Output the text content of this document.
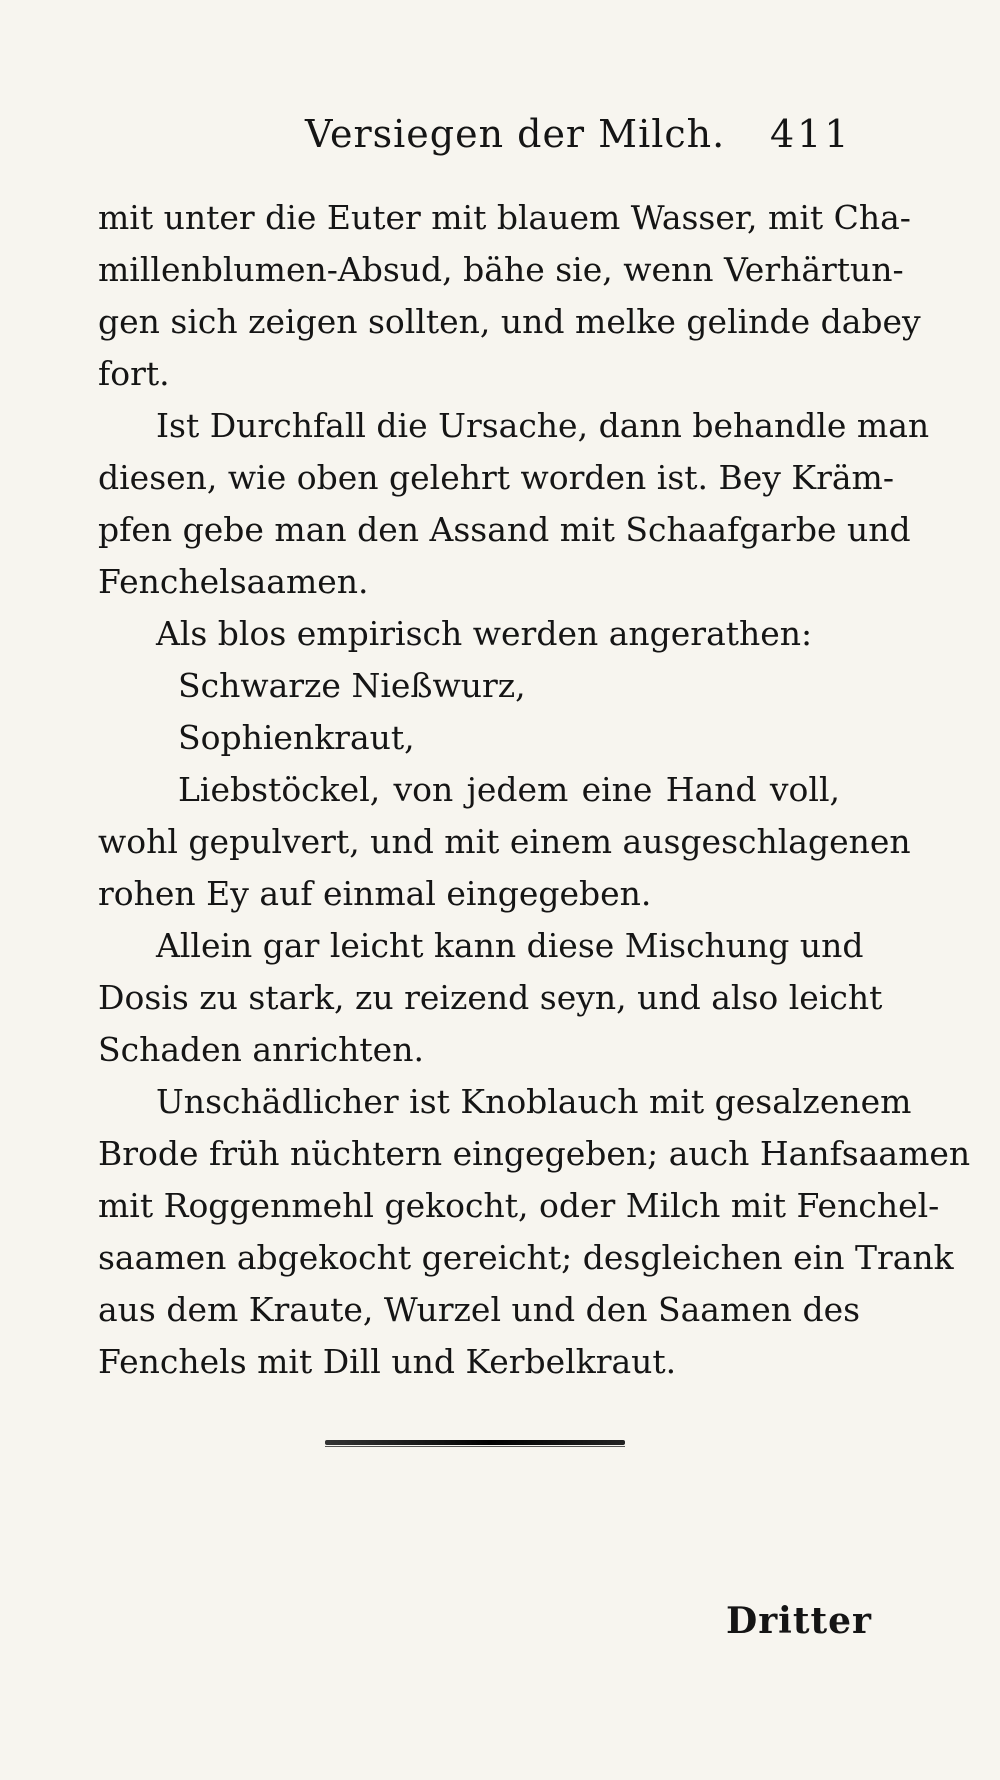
Versiegen der Milch. 411
mit unter die Euter mit blauem Wasser, mit Cha-
millenblumen-Absud, bähe sie, wenn Verhärtun-
gen sich zeigen sollten, und melke gelinde dabey
fort.
Ist Durchfall die Ursache, dann behandle man
diesen, wie oben gelehrt worden ist. Bey Kräm-
pfen gebe man den Assand mit Schaafgarbe und
Fenchelsaamen.
Als blos empirisch werden angerathen:
Schwarze Nießwurz,
Sophienkraut,
Liebstöckel, von jedem eine Hand voll,
wohl gepulvert, und mit einem ausgeschlagenen
rohen Ey auf einmal eingegeben.
Allein gar leicht kann diese Mischung und
Dosis zu stark, zu reizend seyn, und also leicht
Schaden anrichten.
Unschädlicher ist Knoblauch mit gesalzenem
Brode früh nüchtern eingegeben; auch Hanfsaamen
mit Roggenmehl gekocht, oder Milch mit Fenchel-
saamen abgekocht gereicht; desgleichen ein Trank
aus dem Kraute, Wurzel und den Saamen des
Fenchels mit Dill und Kerbelkraut.
Dritter
